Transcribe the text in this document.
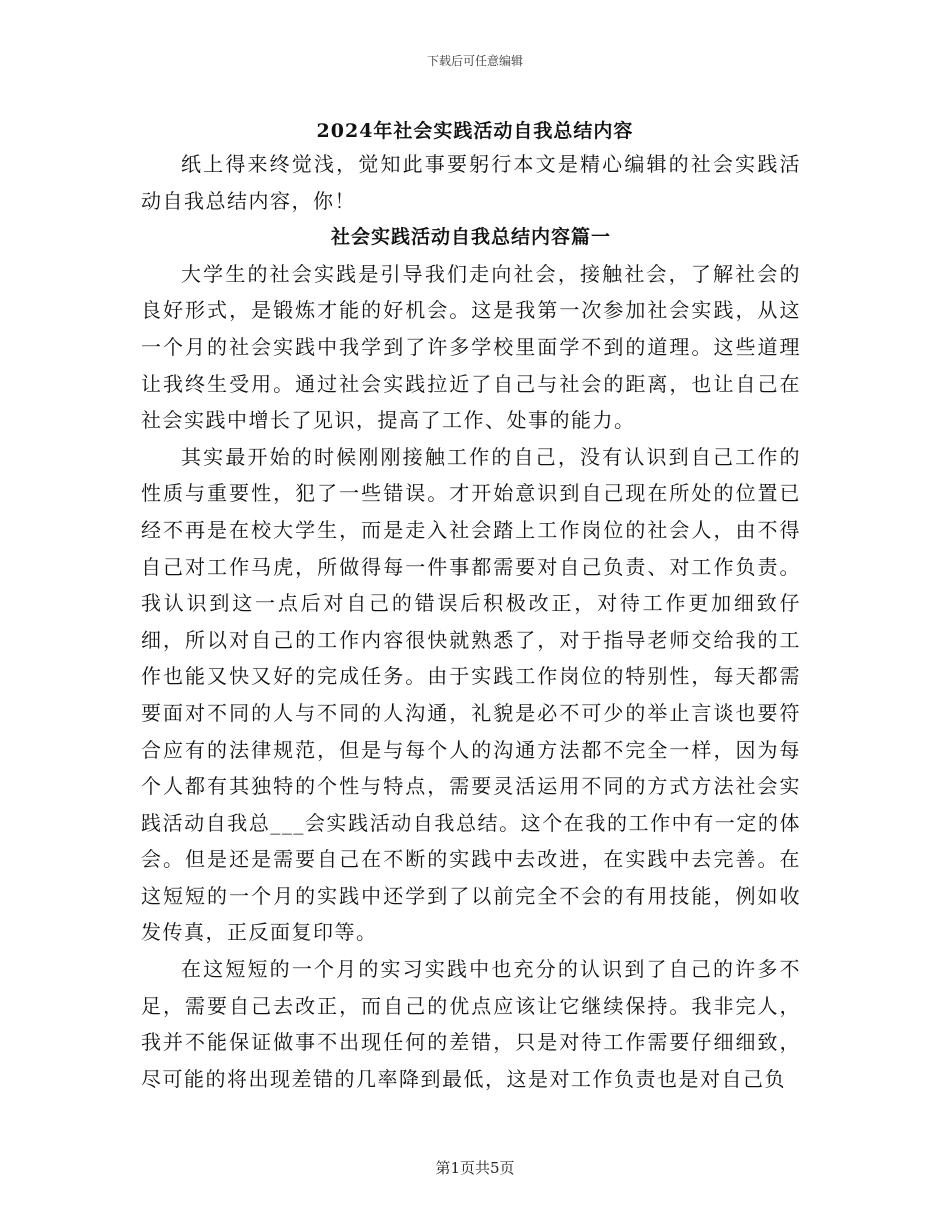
下载后可任意编辑
2024年社会实践活动自我总结内容

纸上得来终觉浅，觉知此事要躬行本文是精心编辑的社会实践活动自我总结内容，你！

社会实践活动自我总结内容篇一

大学生的社会实践是引导我们走向社会，接触社会，了解社会的良好形式，是锻炼才能的好机会。这是我第一次参加社会实践，从这一个月的社会实践中我学到了许多学校里面学不到的道理。这些道理让我终生受用。通过社会实践拉近了自己与社会的距离，也让自己在社会实践中增长了见识，提高了工作、处事的能力。

其实最开始的时候刚刚接触工作的自己，没有认识到自己工作的性质与重要性，犯了一些错误。才开始意识到自己现在所处的位置已经不再是在校大学生，而是走入社会踏上工作岗位的社会人，由不得自己对工作马虎，所做得每一件事都需要对自己负责、对工作负责。我认识到这一点后对自己的错误后积极改正，对待工作更加细致仔细，所以对自己的工作内容很快就熟悉了，对于指导老师交给我的工作也能又快又好的完成任务。由于实践工作岗位的特别性，每天都需要面对不同的人与不同的人沟通，礼貌是必不可少的举止言谈也要符合应有的法律规范，但是与每个人的沟通方法都不完全一样，因为每个人都有其独特的个性与特点，需要灵活运用不同的方式方法社会实践活动自我总___会实践活动自我总结。这个在我的工作中有一定的体会。但是还是需要自己在不断的实践中去改进，在实践中去完善。在这短短的一个月的实践中还学到了以前完全不会的有用技能，例如收发传真，正反面复印等。

在这短短的一个月的实习实践中也充分的认识到了自己的许多不足，需要自己去改正，而自己的优点应该让它继续保持。我非完人，我并不能保证做事不出现任何的差错，只是对待工作需要仔细细致，尽可能的将出现差错的几率降到最低，这是对工作负责也是对自己负

第1页共5页
